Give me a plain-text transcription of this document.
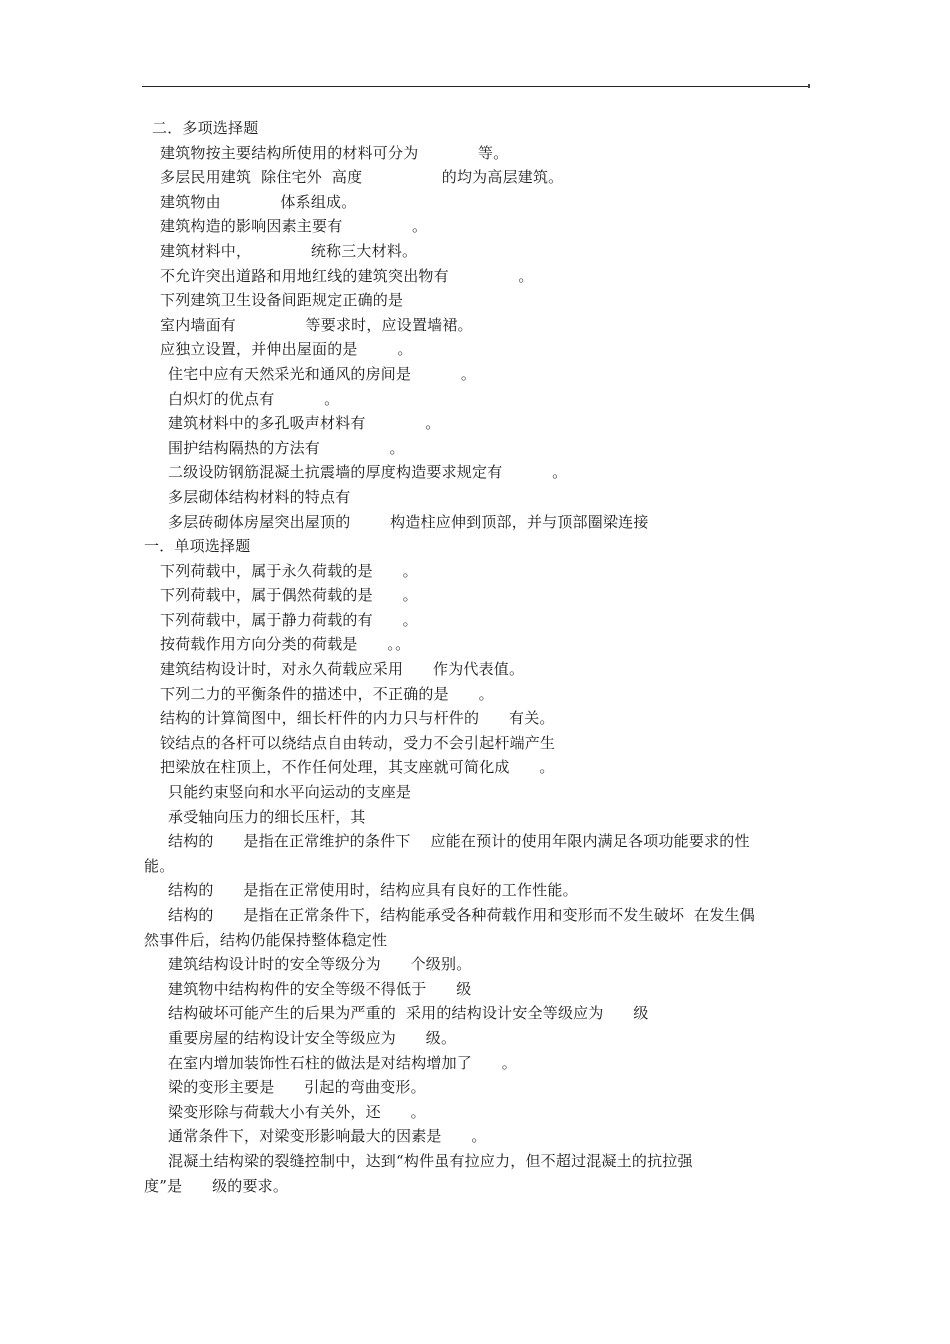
二．多项选择题
建筑物按主要结构所使用的材料可分为            等。
多层民用建筑  除住宅外  高度                的均为高层建筑。
建筑物由            体系组成。
建筑构造的影响因素主要有              。
建筑材料中，            统称三大材料。
不允许突出道路和用地红线的建筑突出物有              。
下列建筑卫生设备间距规定正确的是
室内墙面有              等要求时，应设置墙裙。
应独立设置，并伸出屋面的是        。
住宅中应有天然采光和通风的房间是          。
白炽灯的优点有          。
建筑材料中的多孔吸声材料有            。
围护结构隔热的方法有              。
二级设防钢筋混凝土抗震墙的厚度构造要求规定有          。
多层砌体结构材料的特点有
多层砖砌体房屋突出屋顶的        构造柱应伸到顶部，并与顶部圈梁连接
一．单项选择题
下列荷载中，属于永久荷载的是      。
下列荷载中，属于偶然荷载的是      。
下列荷载中，属于静力荷载的有      。
按荷载作用方向分类的荷载是      。。
建筑结构设计时，对永久荷载应采用      作为代表值。
下列二力的平衡条件的描述中，不正确的是      。
结构的计算简图中，细长杆件的内力只与杆件的      有关。
铰结点的各杆可以绕结点自由转动，受力不会引起杆端产生
把梁放在柱顶上，不作任何处理，其支座就可简化成      。
只能约束竖向和水平向运动的支座是
承受轴向压力的细长压杆，其
结构的      是指在正常维护的条件下    应能在预计的使用年限内满足各项功能要求的性
能。
结构的      是指在正常使用时，结构应具有良好的工作性能。
结构的      是指在正常条件下，结构能承受各种荷载作用和变形而不发生破坏  在发生偶
然事件后，结构仍能保持整体稳定性
建筑结构设计时的安全等级分为      个级别。
建筑物中结构构件的安全等级不得低于      级
结构破坏可能产生的后果为严重的  采用的结构设计安全等级应为      级
重要房屋的结构设计安全等级应为      级。
在室内增加装饰性石柱的做法是对结构增加了      。
梁的变形主要是      引起的弯曲变形。
梁变形除与荷载大小有关外，还      。
通常条件下，对梁变形影响最大的因素是      。
混凝土结构梁的裂缝控制中，达到“构件虽有拉应力，但不超过混凝土的抗拉强
度”是      级的要求。
